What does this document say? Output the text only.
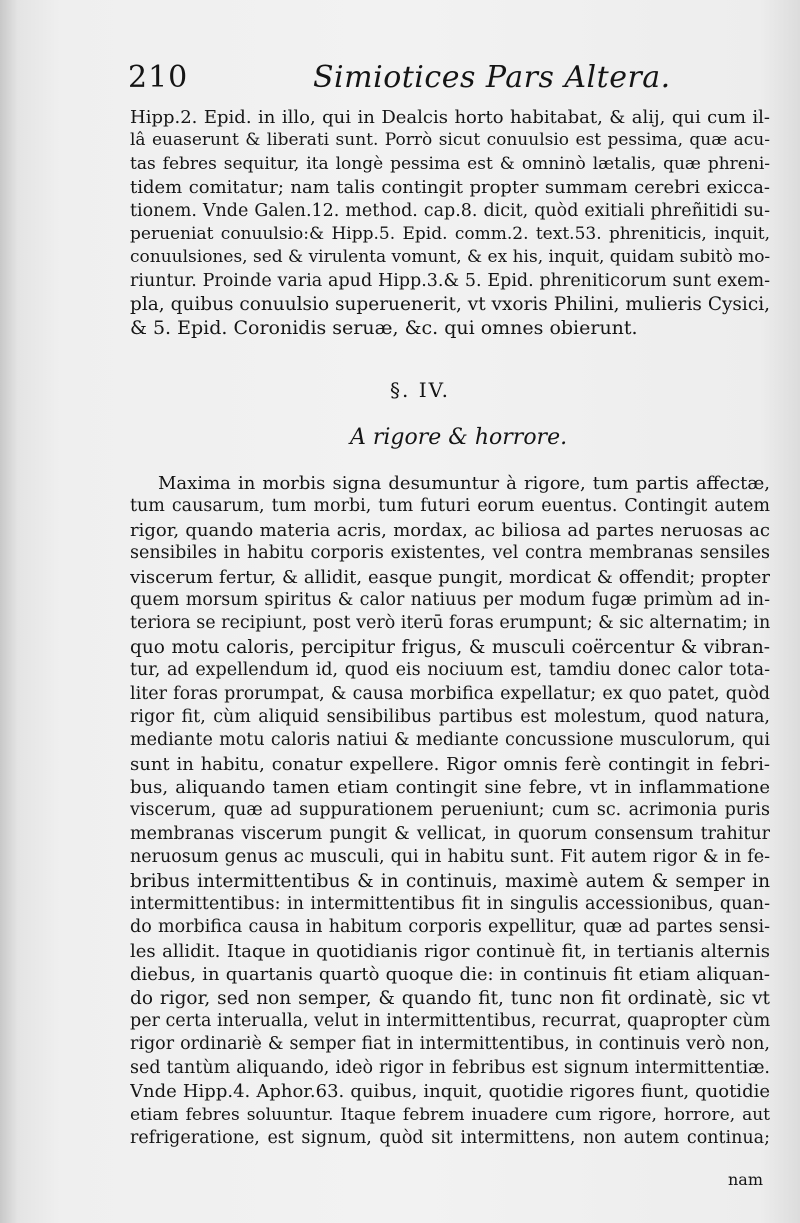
210	Simiotices Pars Altera.
Hipp.2. Epid. in illo, qui in Dealcis horto habitabat, & alij, qui cum il-
lâ euaserunt & liberati sunt. Porrò sicut conuulsio est pessima, quæ acu-
tas febres sequitur, ita longè pessima est & omninò lætalis, quæ phreni-
tidem comitatur; nam talis contingit propter summam cerebri exicca-
tionem. Vnde Galen.12. method. cap.8. dicit, quòd exitiali phreñitidi su-
perueniat conuulsio:& Hipp.5. Epid. comm.2. text.53. phreniticis, inquit,
conuulsiones, sed & virulenta vomunt, & ex his, inquit, quidam subitò mo-
riuntur. Proinde varia apud Hipp.3.& 5. Epid. phreniticorum sunt exem-
pla, quibus conuulsio superuenerit, vt vxoris Philini, mulieris Cysici,
& 5. Epid. Coronidis seruæ, &c. qui omnes obierunt.
§. IV.
A rigore & horrore.
Maxima in morbis signa desumuntur à rigore, tum partis affectæ,
tum causarum, tum morbi, tum futuri eorum euentus. Contingit autem
rigor, quando materia acris, mordax, ac biliosa ad partes neruosas ac
sensibiles in habitu corporis existentes, vel contra membranas sensiles
viscerum fertur, & allidit, easque pungit, mordicat & offendit; propter
quem morsum spiritus & calor natiuus per modum fugæ primùm ad in-
teriora se recipiunt, post verò iterū foras erumpunt; & sic alternatim; in
quo motu caloris, percipitur frigus, & musculi coërcentur & vibran-
tur, ad expellendum id, quod eis nociuum est, tamdiu donec calor tota-
liter foras prorumpat, & causa morbifica expellatur; ex quo patet, quòd
rigor fit, cùm aliquid sensibilibus partibus est molestum, quod natura,
mediante motu caloris natiui & mediante concussione musculorum, qui
sunt in habitu, conatur expellere. Rigor omnis ferè contingit in febri-
bus, aliquando tamen etiam contingit sine febre, vt in inflammatione
viscerum, quæ ad suppurationem perueniunt; cum sc. acrimonia puris
membranas viscerum pungit & vellicat, in quorum consensum trahitur
neruosum genus ac musculi, qui in habitu sunt. Fit autem rigor & in fe-
bribus intermittentibus & in continuis, maximè autem & semper in
intermittentibus: in intermittentibus fit in singulis accessionibus, quan-
do morbifica causa in habitum corporis expellitur, quæ ad partes sensi-
les allidit. Itaque in quotidianis rigor continuè fit, in tertianis alternis
diebus, in quartanis quartò quoque die: in continuis fit etiam aliquan-
do rigor, sed non semper, & quando fit, tunc non fit ordinatè, sic vt
per certa interualla, velut in intermittentibus, recurrat, quapropter cùm
rigor ordinariè & semper fiat in intermittentibus, in continuis verò non,
sed tantùm aliquando, ideò rigor in febribus est signum intermittentiæ.
Vnde Hipp.4. Aphor.63. quibus, inquit, quotidie rigores fiunt, quotidie
etiam febres soluuntur. Itaque febrem inuadere cum rigore, horrore, aut
refrigeratione, est signum, quòd sit intermittens, non autem continua;
nam
